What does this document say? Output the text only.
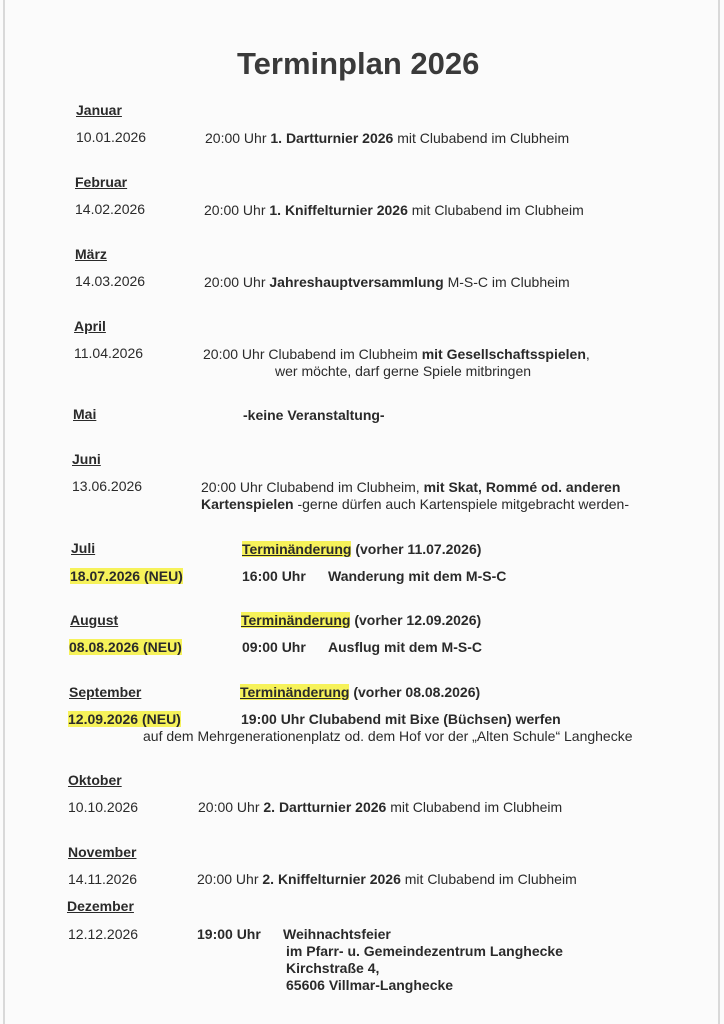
Terminplan 2026
Januar
10.01.2026	20:00 Uhr 1. Dartturnier 2026 mit Clubabend im Clubheim
Februar
14.02.2026	20:00 Uhr 1. Kniffelturnier 2026 mit Clubabend im Clubheim
März
14.03.2026	20:00 Uhr Jahreshauptversammlung M-S-C im Clubheim
April
11.04.2026	20:00 Uhr Clubabend im Clubheim mit Gesellschaftsspielen,
wer möchte, darf gerne Spiele mitbringen
Mai	-keine Veranstaltung-
Juni
13.06.2026	20:00 Uhr Clubabend im Clubheim, mit Skat, Rommé od. anderen
Kartenspielen -gerne dürfen auch Kartenspiele mitgebracht werden-
Juli	Terminänderung (vorher 11.07.2026)
18.07.2026 (NEU)	16:00 Uhr Wanderung mit dem M-S-C
August	Terminänderung (vorher 12.09.2026)
08.08.2026 (NEU)	09:00 Uhr Ausflug mit dem M-S-C
September	Terminänderung (vorher 08.08.2026)
12.09.2026 (NEU)	19:00 Uhr Clubabend mit Bixe (Büchsen) werfen
auf dem Mehrgenerationenplatz od. dem Hof vor der „Alten Schule“ Langhecke
Oktober
10.10.2026	20:00 Uhr 2. Dartturnier 2026 mit Clubabend im Clubheim
November
14.11.2026	20:00 Uhr 2. Kniffelturnier 2026 mit Clubabend im Clubheim
Dezember
12.12.2026	19:00 Uhr Weihnachtsfeier
im Pfarr- u. Gemeindezentrum Langhecke
Kirchstraße 4,
65606 Villmar-Langhecke
